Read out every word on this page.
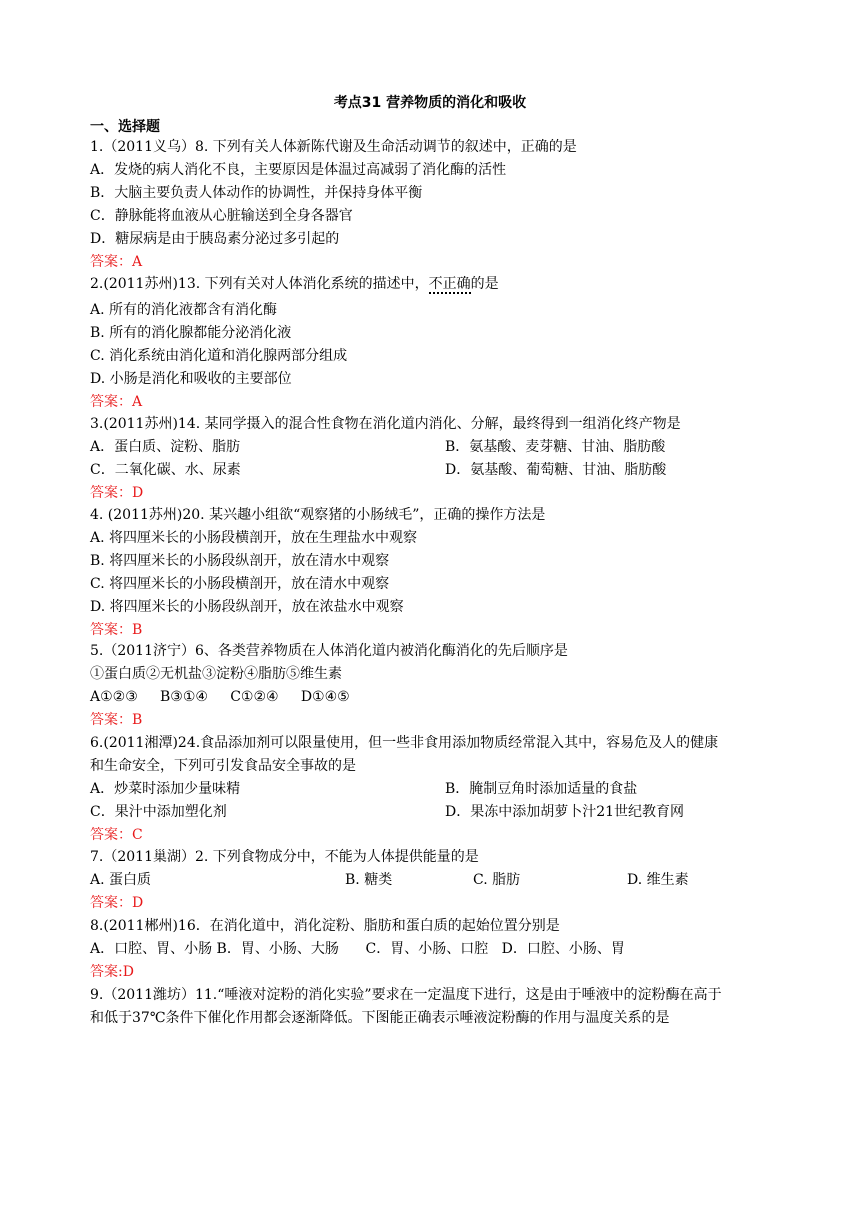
考点31 营养物质的消化和吸收
一、选择题
1.（2011义乌）8. 下列有关人体新陈代谢及生命活动调节的叙述中，正确的是
A．发烧的病人消化不良，主要原因是体温过高减弱了消化酶的活性
B．大脑主要负责人体动作的协调性，并保持身体平衡
C．静脉能将血液从心脏输送到全身各器官
D．糖尿病是由于胰岛素分泌过多引起的
答案：A
2.(2011苏州)13. 下列有关对人体消化系统的描述中，不正确的是
A. 所有的消化液都含有消化酶
B. 所有的消化腺都能分泌消化液
C. 消化系统由消化道和消化腺两部分组成
D. 小肠是消化和吸收的主要部位
答案：A
3.(2011苏州)14. 某同学摄入的混合性食物在消化道内消化、分解，最终得到一组消化终产物是
A．蛋白质、淀粉、脂肪	B．氨基酸、麦芽糖、甘油、脂肪酸
C．二氧化碳、水、尿素	D．氨基酸、葡萄糖、甘油、脂肪酸
答案：D
4. (2011苏州)20. 某兴趣小组欲“观察猪的小肠绒毛”，正确的操作方法是
A. 将四厘米长的小肠段横剖开，放在生理盐水中观察
B. 将四厘米长的小肠段纵剖开，放在清水中观察
C. 将四厘米长的小肠段横剖开，放在清水中观察
D. 将四厘米长的小肠段纵剖开，放在浓盐水中观察
答案：B
5.（2011济宁）6、各类营养物质在人体消化道内被消化酶消化的先后顺序是
①蛋白质②无机盐③淀粉④脂肪⑤维生素
A①②③     B③①④     C①②④     D①④⑤
答案：B
6.(2011湘潭)24.食品添加剂可以限量使用，但一些非食用添加物质经常混入其中，容易危及人的健康
和生命安全，下列可引发食品安全事故的是
A．炒菜时添加少量味精	B．腌制豆角时添加适量的食盐
C．果汁中添加塑化剂	D．果冻中添加胡萝卜汁21世纪教育网
答案：C
7.（2011巢湖）2. 下列食物成分中，不能为人体提供能量的是
A. 蛋白质	B. 糖类	C. 脂肪	D. 维生素
答案：D
8.(2011郴州)16．在消化道中，消化淀粉、脂肪和蛋白质的起始位置分别是
A．口腔、胃、小肠 B．胃、小肠、大肠      C．胃、小肠、口腔   D．口腔、小肠、胃
答案:D
9.（2011潍坊）11.“唾液对淀粉的消化实验”要求在一定温度下进行，这是由于唾液中的淀粉酶在高于
和低于37℃条件下催化作用都会逐渐降低。下图能正确表示唾液淀粉酶的作用与温度关系的是
